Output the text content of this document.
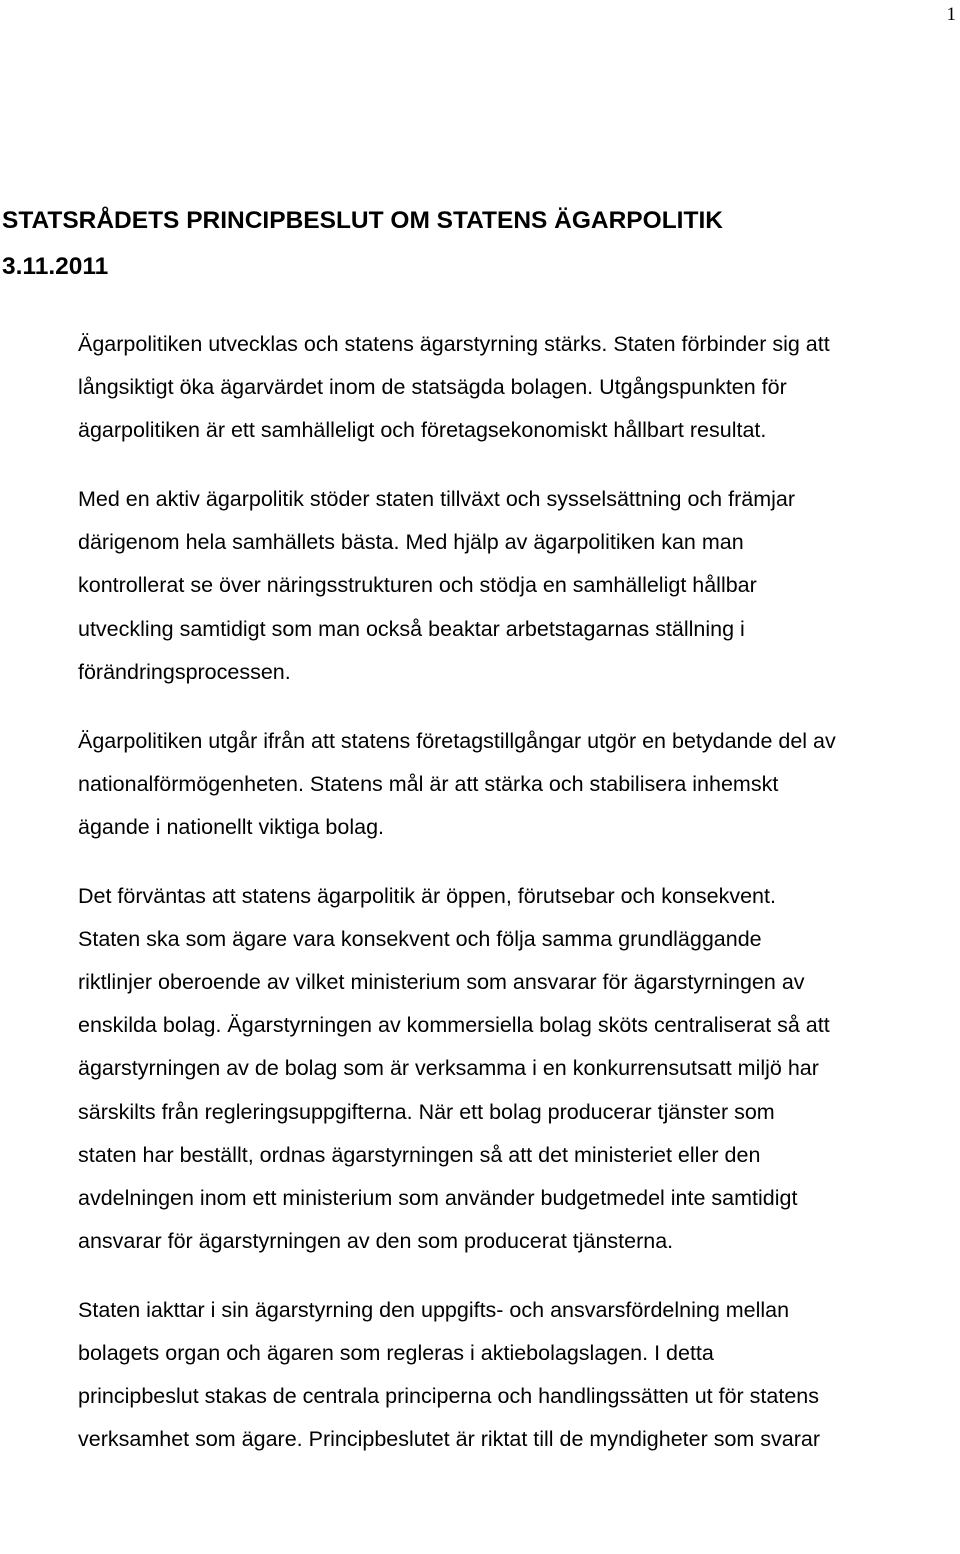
1
STATSRÅDETS PRINCIPBESLUT OM STATENS ÄGARPOLITIK
3.11.2011
Ägarpolitiken utvecklas och statens ägarstyrning stärks. Staten förbinder sig att
långsiktigt öka ägarvärdet inom de statsägda bolagen. Utgångspunkten för
ägarpolitiken är ett samhälleligt och företagsekonomiskt hållbart resultat.
Med en aktiv ägarpolitik stöder staten tillväxt och sysselsättning och främjar
därigenom hela samhällets bästa. Med hjälp av ägarpolitiken kan man
kontrollerat se över näringsstrukturen och stödja en samhälleligt hållbar
utveckling samtidigt som man också beaktar arbetstagarnas ställning i
förändringsprocessen.
Ägarpolitiken utgår ifrån att statens företagstillgångar utgör en betydande del av
nationalförmögenheten. Statens mål är att stärka och stabilisera inhemskt
ägande i nationellt viktiga bolag.
Det förväntas att statens ägarpolitik är öppen, förutsebar och konsekvent.
Staten ska som ägare vara konsekvent och följa samma grundläggande
riktlinjer oberoende av vilket ministerium som ansvarar för ägarstyrningen av
enskilda bolag. Ägarstyrningen av kommersiella bolag sköts centraliserat så att
ägarstyrningen av de bolag som är verksamma i en konkurrensutsatt miljö har
särskilts från regleringsuppgifterna. När ett bolag producerar tjänster som
staten har beställt, ordnas ägarstyrningen så att det ministeriet eller den
avdelningen inom ett ministerium som använder budgetmedel inte samtidigt
ansvarar för ägarstyrningen av den som producerat tjänsterna.
Staten iakttar i sin ägarstyrning den uppgifts- och ansvarsfördelning mellan
bolagets organ och ägaren som regleras i aktiebolagslagen. I detta
principbeslut stakas de centrala principerna och handlingssätten ut för statens
verksamhet som ägare. Principbeslutet är riktat till de myndigheter som svarar
